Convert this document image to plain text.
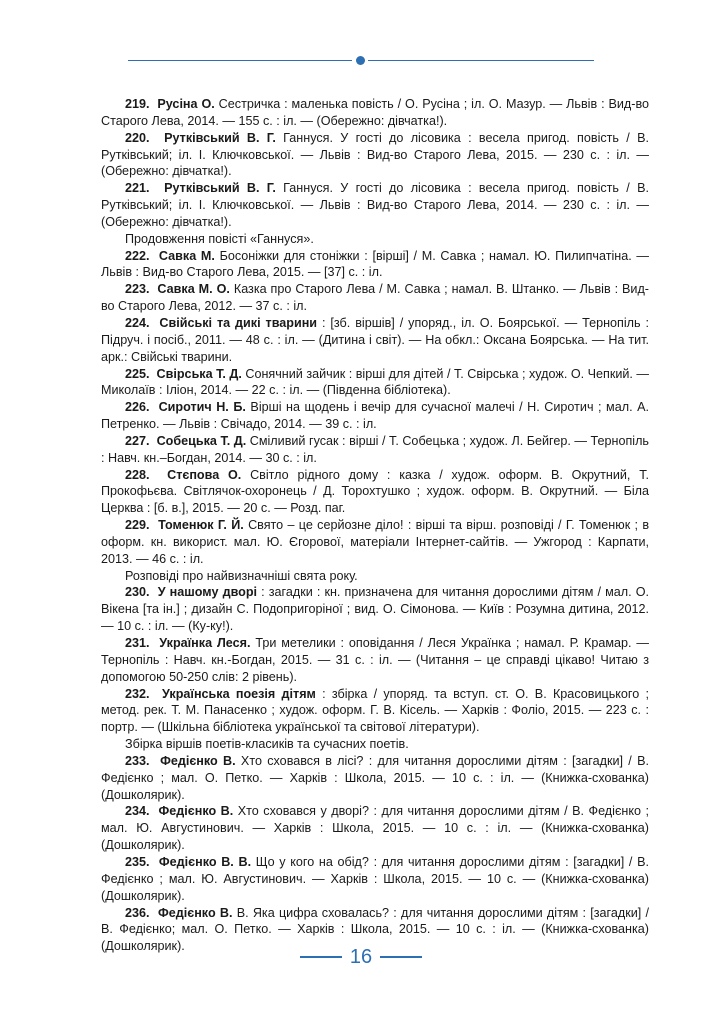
219. Русіна О. Сестричка : маленька повість / О. Русіна ; іл. О. Мазур. — Львів : Вид-во Старого Лева, 2014. — 155 с. : іл. — (Обережно: дівчатка!).

220. Рутківський В. Г. Ганнуся. У гості до лісовика : весела пригод. повість / В. Рутківський; іл. І. Ключковської. — Львів : Вид-во Старого Лева, 2015. — 230 с. : іл. — (Обережно: дівчатка!).

221. Рутківський В. Г. Ганнуся. У гості до лісовика : весела пригод. повість / В. Рутківський; іл. І. Ключковської. — Львів : Вид-во Старого Лева, 2014. — 230 с. : іл. — (Обережно: дівчатка!).

Продовження повісті «Ганнуся».

222. Савка М. Босоніжки для стоніжки : [вірші] / М. Савка ; намал. Ю. Пилипчатіна. — Львів : Вид-во Старого Лева, 2015. — [37] с. : іл.

223. Савка М. О. Казка про Старого Лева / М. Савка ; намал. В. Штанко. — Львів : Вид-во Старого Лева, 2012. — 37 с. : іл.

224. Свійські та дикі тварини : [зб. віршів] / упоряд., іл. О. Боярської. — Тернопіль : Підруч. і посіб., 2011. — 48 с. : іл. — (Дитина і світ). — На обкл.: Оксана Боярська. — На тит. арк.: Свійські тварини.

225. Свірська Т. Д. Сонячний зайчик : вірші для дітей / Т. Свірська ; худож. О. Чепкий. — Миколаїв : Іліон, 2014. — 22 с. : іл. — (Південна бібліотека).

226. Сиротич Н. Б. Вірші на щодень і вечір для сучасної малечі / Н. Сиротич ; мал. А. Петренко. — Львів : Свічадо, 2014. — 39 с. : іл.

227. Собецька Т. Д. Сміливий гусак : вірші / Т. Собецька ; худож. Л. Бейгер. — Тернопіль : Навч. кн.–Богдан, 2014. — 30 с. : іл.

228. Стєпова О. Світло рідного дому : казка / худож. оформ. В. Окрутний, Т. Прокофьєва. Світлячок-охоронець / Д. Торохтушко ; худож. оформ. В. Окрутний. — Біла Церква : [б. в.], 2015. — 20 с. — Розд. паг.

229. Томенюк Г. Й. Свято – це серйозне діло! : вірші та вірш. розповіді / Г. Томенюк ; в оформ. кн. використ. мал. Ю. Єгорової, матеріали Інтернет-сайтів. — Ужгород : Карпати, 2013. — 46 с. : іл.

Розповіді про найвизначніші свята року.

230. У нашому дворі : загадки : кн. призначена для читання дорослими дітям / мал. О. Вікена [та ін.] ; дизайн С. Подопригоріної ; вид. О. Сімонова. — Київ : Розумна дитина, 2012. — 10 с. : іл. — (Ку-ку!).

231. Українка Леся. Три метелики : оповідання / Леся Українка ; намал. Р. Крамар. — Тернопіль : Навч. кн.-Богдан, 2015. — 31 с. : іл. — (Читання – це справді цікаво! Читаю з допомогою 50-250 слів: 2 рівень).

232. Українська поезія дітям : збірка / упоряд. та вступ. ст. О. В. Красовицького ; метод. рек. Т. М. Панасенко ; худож. оформ. Г. В. Кісель. — Харків : Фоліо, 2015. — 223 с. : портр. — (Шкільна бібліотека української та світової літератури).

Збірка віршів поетів-класиків та сучасних поетів.

233. Федієнко В. Хто сховався в лісі? : для читання дорослими дітям : [загадки] / В. Федієнко ; мал. О. Петко. — Харків : Школа, 2015. — 10 с. : іл. — (Книжка-схованка) (Дошколярик).

234. Федієнко В. Хто сховався у дворі? : для читання дорослими дітям / В. Федієнко ; мал. Ю. Августинович. — Харків : Школа, 2015. — 10 с. : іл. — (Книжка-схованка) (Дошколярик).

235. Федієнко В. В. Що у кого на обід? : для читання дорослими дітям : [загадки] / В. Федієнко ; мал. Ю. Августинович. — Харків : Школа, 2015. — 10 с. — (Книжка-схованка) (Дошколярик).

236. Федієнко В. В. Яка цифра сховалась? : для читання дорослими дітям : [загадки] / В. Федієнко; мал. О. Петко. — Харків : Школа, 2015. — 10 с. : іл. — (Книжка-схованка) (Дошколярик).	16
